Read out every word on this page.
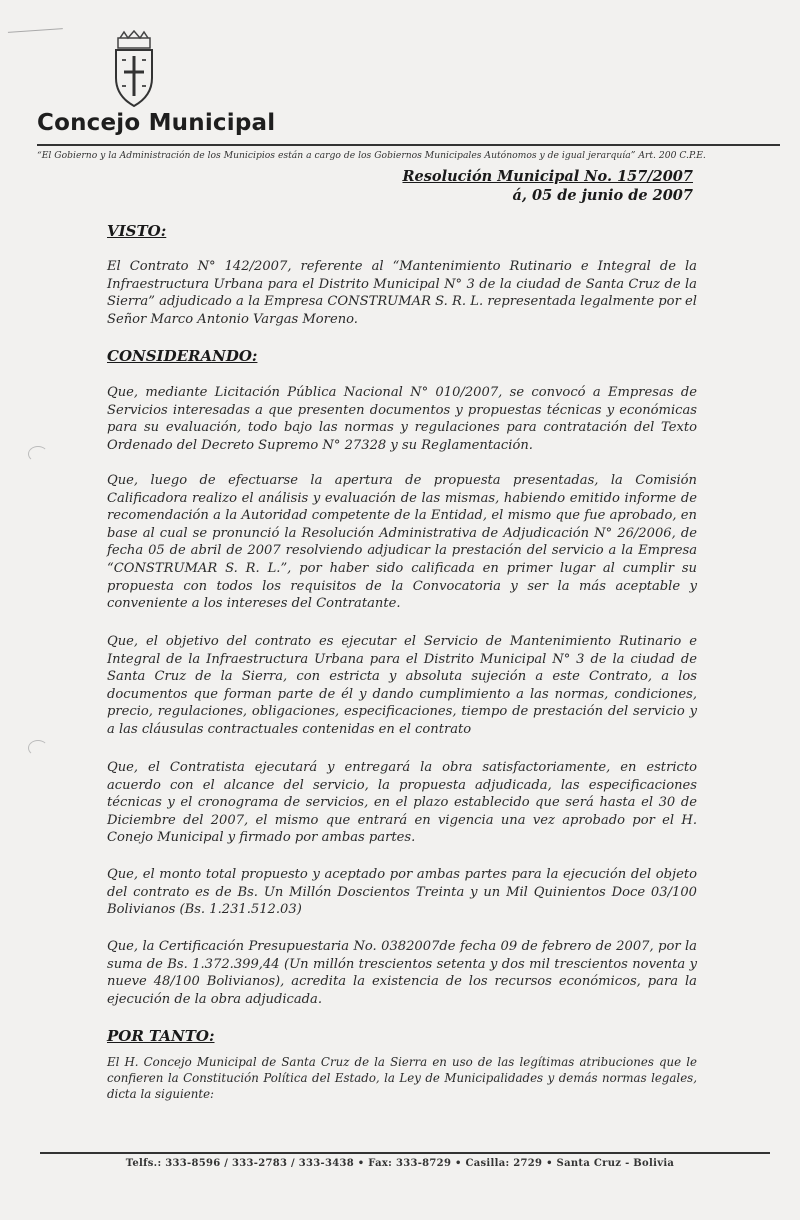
Concejo Municipal
“El Gobierno y la Administración de los Municipios están a cargo de los Gobiernos Municipales Autónomos y de igual jerarquía” Art. 200 C.P.E.
Resolución Municipal No. 157/2007
á, 05 de junio de 2007
VISTO:
El Contrato N° 142/2007, referente al “Mantenimiento Rutinario e Integral de la Infraestructura Urbana para el Distrito Municipal N° 3 de la ciudad de Santa Cruz de la Sierra” adjudicado a la Empresa CONSTRUMAR S. R. L. representada legalmente por el Señor Marco Antonio Vargas Moreno.
CONSIDERANDO:
Que, mediante Licitación Pública Nacional N° 010/2007, se convocó a Empresas de Servicios interesadas a que presenten documentos y propuestas técnicas y económicas para su evaluación, todo bajo las normas y regulaciones para contratación del Texto Ordenado del Decreto Supremo N° 27328 y su Reglamentación.
Que, luego de efectuarse la apertura de propuesta presentadas, la Comisión Calificadora realizo el análisis y evaluación de las mismas, habiendo emitido informe de recomendación a la Autoridad competente de la Entidad, el mismo que fue aprobado, en base al cual se pronunció la Resolución Administrativa de Adjudicación N° 26/2006, de fecha 05 de abril de 2007 resolviendo adjudicar la prestación del servicio a la Empresa “CONSTRUMAR S. R. L.”, por haber sido calificada en primer lugar al cumplir su propuesta con todos los requisitos de la Convocatoria y ser la más aceptable y conveniente a los intereses del Contratante.
Que, el objetivo del contrato es ejecutar el Servicio de Mantenimiento Rutinario e Integral de la Infraestructura Urbana para el Distrito Municipal N° 3 de la ciudad de Santa Cruz de la Sierra, con estricta y absoluta sujeción a este Contrato, a los documentos que forman parte de él y dando cumplimiento a las normas, condiciones, precio, regulaciones, obligaciones, especificaciones, tiempo de prestación del servicio y a las cláusulas contractuales contenidas en el contrato
Que, el Contratista ejecutará y entregará la obra satisfactoriamente, en estricto acuerdo con el alcance del servicio, la propuesta adjudicada, las especificaciones técnicas y el cronograma de servicios, en el plazo establecido que será hasta el 30 de Diciembre del 2007, el mismo que entrará en vigencia una vez aprobado por el H. Conejo Municipal y firmado por ambas partes.
Que, el monto total propuesto y aceptado por ambas partes para la ejecución del objeto del contrato es de Bs. Un Millón Doscientos Treinta y un Mil Quinientos Doce 03/100 Bolivianos (Bs. 1.231.512.03)
Que, la Certificación Presupuestaria No. 0382007de fecha 09 de febrero de 2007, por la suma de Bs. 1.372.399,44 (Un millón trescientos setenta y dos mil trescientos noventa y nueve 48/100 Bolivianos), acredita la existencia de los recursos económicos, para la ejecución de la obra adjudicada.
POR TANTO:
El H. Concejo Municipal de Santa Cruz de la Sierra en uso de las legítimas atribuciones que le confieren la Constitución Política del Estado, la Ley de Municipalidades y demás normas legales, dicta la siguiente:
Telfs.: 333-8596 / 333-2783 / 333-3438 • Fax: 333-8729 • Casilla: 2729 • Santa Cruz - Bolivia
